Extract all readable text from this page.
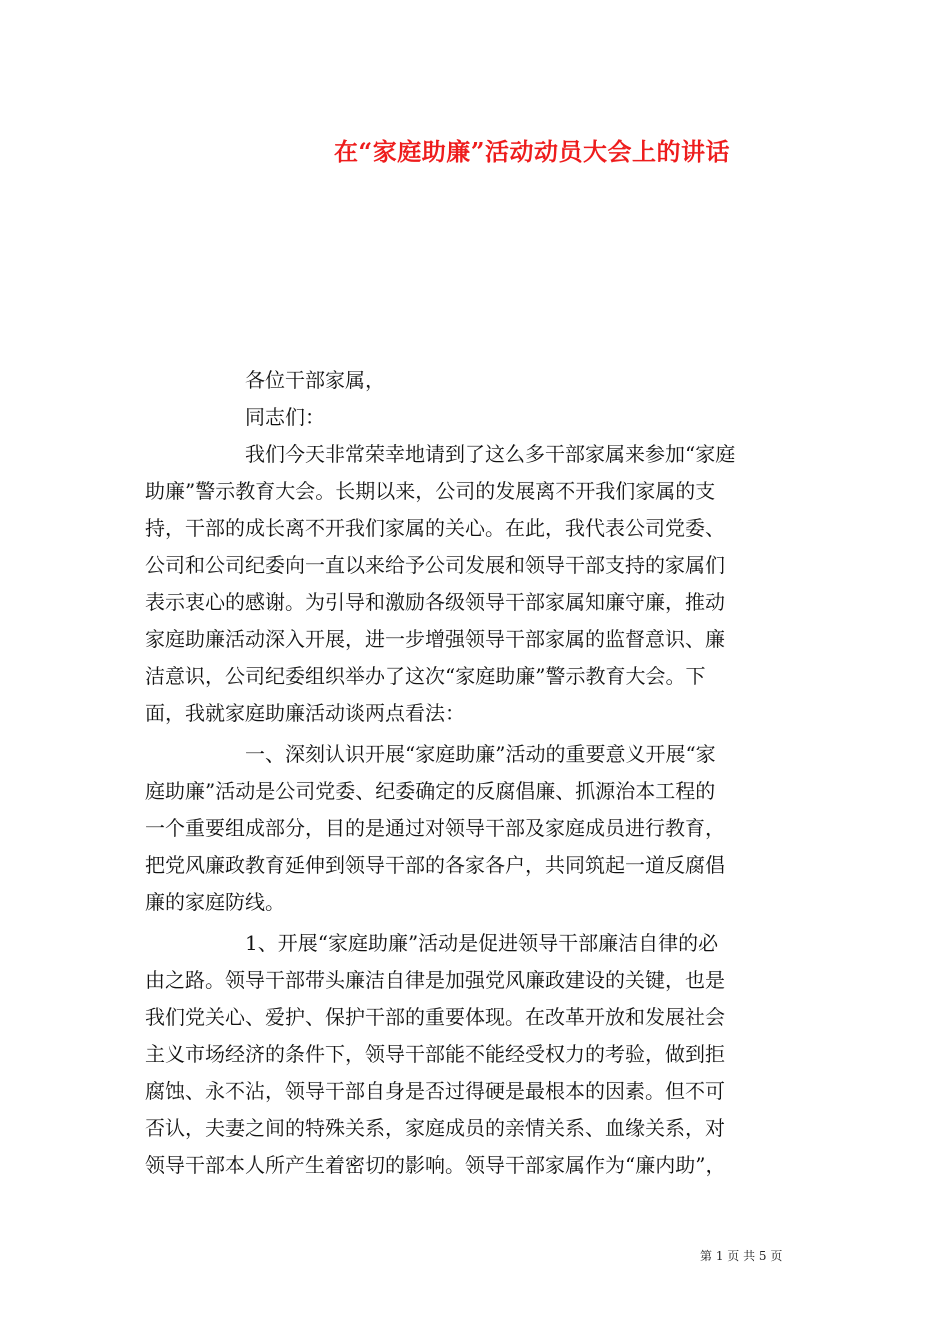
在“家庭助廉”活动动员大会上的讲话
各位干部家属，
同志们：
我们今天非常荣幸地请到了这么多干部家属来参加“家庭
助廉”警示教育大会。长期以来，公司的发展离不开我们家属的支
持，干部的成长离不开我们家属的关心。在此，我代表公司党委、
公司和公司纪委向一直以来给予公司发展和领导干部支持的家属们
表示衷心的感谢。为引导和激励各级领导干部家属知廉守廉，推动
家庭助廉活动深入开展，进一步增强领导干部家属的监督意识、廉
洁意识，公司纪委组织举办了这次“家庭助廉”警示教育大会。下
面，我就家庭助廉活动谈两点看法：
一、深刻认识开展“家庭助廉”活动的重要意义开展“家
庭助廉”活动是公司党委、纪委确定的反腐倡廉、抓源治本工程的
一个重要组成部分，目的是通过对领导干部及家庭成员进行教育，
把党风廉政教育延伸到领导干部的各家各户，共同筑起一道反腐倡
廉的家庭防线。
1、开展“家庭助廉”活动是促进领导干部廉洁自律的必
由之路。领导干部带头廉洁自律是加强党风廉政建设的关键，也是
我们党关心、爱护、保护干部的重要体现。在改革开放和发展社会
主义市场经济的条件下，领导干部能不能经受权力的考验，做到拒
腐蚀、永不沾，领导干部自身是否过得硬是最根本的因素。但不可
否认，夫妻之间的特殊关系，家庭成员的亲情关系、血缘关系，对
领导干部本人所产生着密切的影响。领导干部家属作为“廉内助”，
第 1 页 共 5 页
